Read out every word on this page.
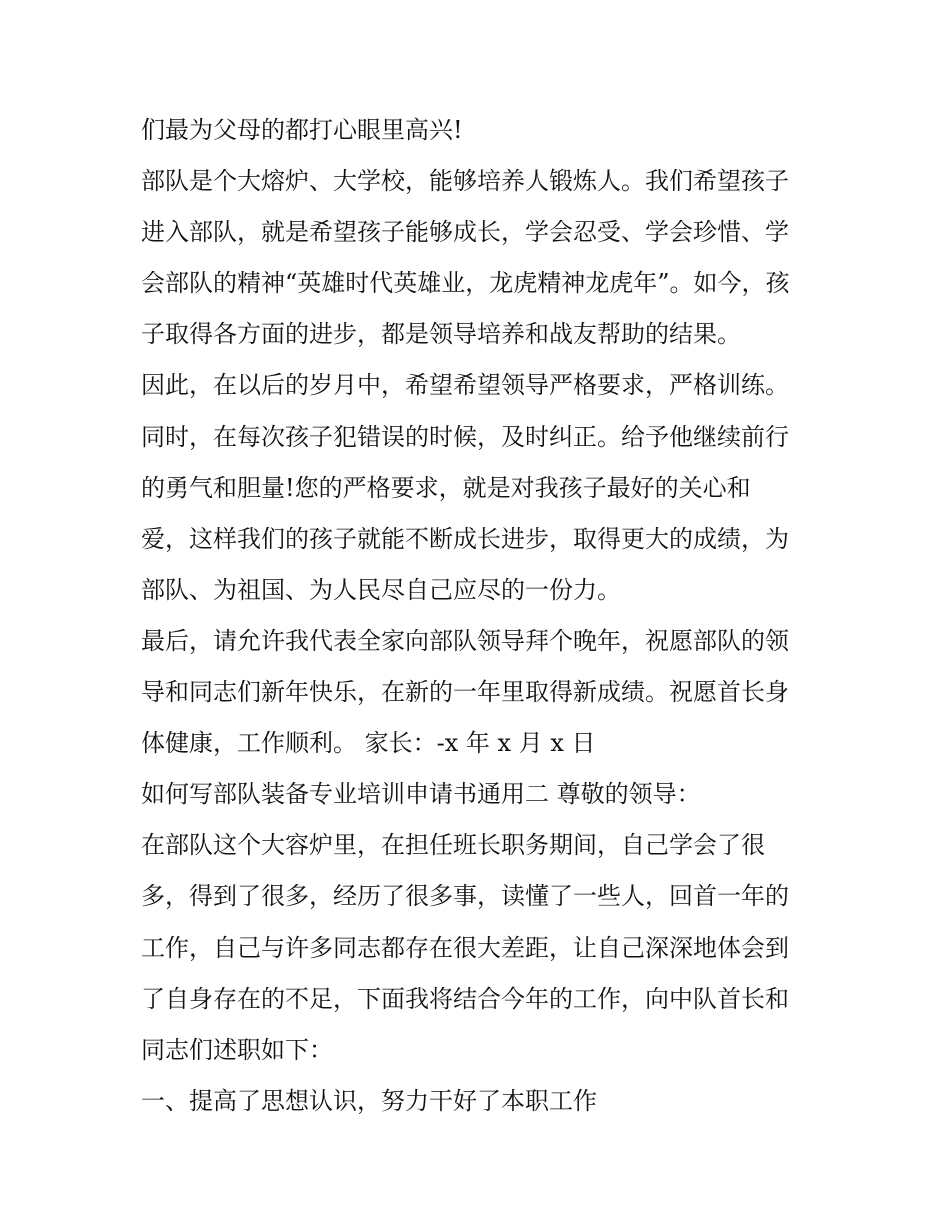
们最为父母的都打心眼里高兴!
部队是个大熔炉、大学校，能够培养人锻炼人。我们希望孩子
进入部队，就是希望孩子能够成长，学会忍受、学会珍惜、学
会部队的精神“英雄时代英雄业，龙虎精神龙虎年”。如今，孩
子取得各方面的进步，都是领导培养和战友帮助的结果。
因此，在以后的岁月中，希望希望领导严格要求，严格训练。
同时，在每次孩子犯错误的时候，及时纠正。给予他继续前行
的勇气和胆量!您的严格要求，就是对我孩子最好的关心和
爱，这样我们的孩子就能不断成长进步，取得更大的成绩，为
部队、为祖国、为人民尽自己应尽的一份力。
最后，请允许我代表全家向部队领导拜个晚年，祝愿部队的领
导和同志们新年快乐，在新的一年里取得新成绩。祝愿首长身
体健康，工作顺利。 家长：-x 年 x 月 x 日
如何写部队装备专业培训申请书通用二 尊敬的领导：
在部队这个大容炉里，在担任班长职务期间，自己学会了很
多，得到了很多，经历了很多事，读懂了一些人，回首一年的
工作，自己与许多同志都存在很大差距，让自己深深地体会到
了自身存在的不足，下面我将结合今年的工作，向中队首长和
同志们述职如下：
一、提高了思想认识，努力干好了本职工作
